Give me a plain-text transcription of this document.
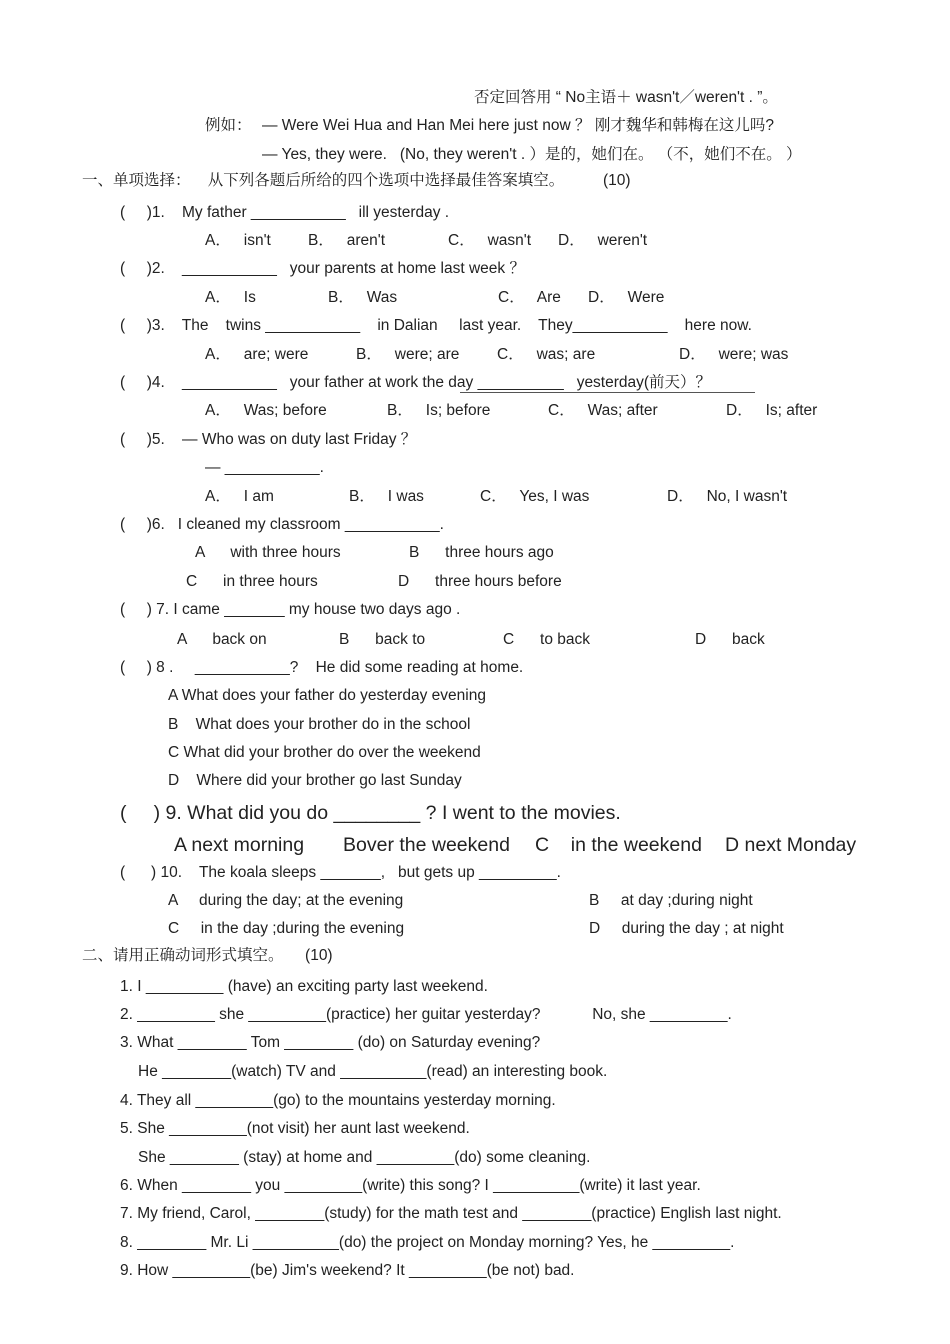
否定回答用 “ No主语＋ wasn't／weren't . ”。
例如： — Were Wei Hua and Han Mei here just now ？ 刚才魏华和韩梅在这儿吗?
— Yes, they were.   (No, they weren't . ）是的，她们在。 （不，她们不在。 ）
一、单项选择：    从下列各题后所给的四个选项中选择最佳答案填空。         (10)
(     )1.    My father ___________   ill yesterday .
A．   isn't B．   aren't	C．   wasn't D．   weren't
(     )2.    ___________   your parents at home last week ？
A．   Is	B．   Was	C．   Are D．   Were
(     )3.    The    twins ___________    in Dalian     last year.    They___________    here now.
A．   are; were	B．   were; are C．   was; are	D．   were; was
(     )4.    ___________   your father at work the day __________   yesterday(前天）？
A．   Was; before	B．   Is; before	C．   Was; after	D．   Is; after
(     )5.    — Who was on duty last Friday ？
— ___________.
A．   I am	B．   I was	C．   Yes, I was	D．   No, I wasn't
(     )6.   I cleaned my classroom ___________.
A      with three hours	B      three hours ago
C      in three hours	D      three hours before
(     ) 7. I came _______ my house two days ago .
A      back on	B      back to	C      to back	D      back
(     ) 8 .     ___________?    He did some reading at home.
A What does your father do yesterday evening
B    What does your brother do in the school
C What did your brother do over the weekend
D    Where did your brother go last Sunday
(     ) 9. What did you do ________ ? I went to the movies.
A next morning Bover the weekend C    in the weekend D next Monday
(      ) 10.    The koala sleeps _______,   but gets up _________.
A     during the day; at the evening	B     at day ;during night
C     in the day ;during the evening	D     during the day ; at night
二、请用正确动词形式填空。     (10)
1. I _________ (have) an exciting party last weekend.
2. _________ she _________(practice) her guitar yesterday?            No, she _________.
3. What ________ Tom ________ (do) on Saturday evening?
He ________(watch) TV and __________(read) an interesting book.
4. They all _________(go) to the mountains yesterday morning.
5. She _________(not visit) her aunt last weekend.
She ________ (stay) at home and _________(do) some cleaning.
6. When ________ you _________(write) this song? I __________(write) it last year.
7. My friend, Carol, ________(study) for the math test and ________(practice) English last night.
8. ________ Mr. Li __________(do) the project on Monday morning? Yes, he _________.
9. How _________(be) Jim's weekend? It _________(be not) bad.
